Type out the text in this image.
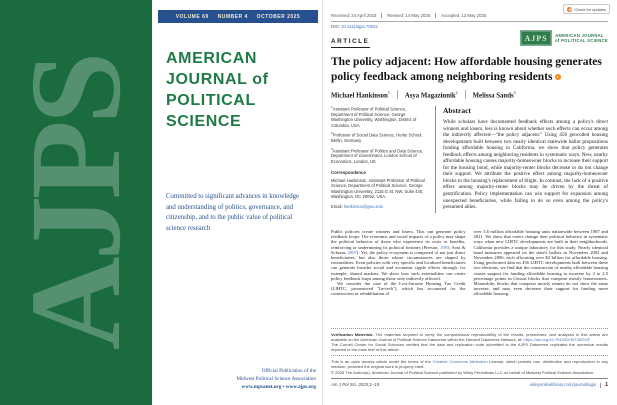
AJPS
VOLUME 69 NUMBER 4 OCTOBER 2025
AMERICAN
JOURNAL of
POLITICAL
SCIENCE
Committed to significant advances in knowledge and understanding of politics, governance, and citizenship, and to the public value of political science research
Official Publication of the
Midwest Political Science Association
www.mpsanet.org • www.ajps.org
Check for updates
Received: 24 April 2023	Revised: 14 May 2025	Accepted: 13 May 2025
DOI: 10.1111/ajps.70022
ARTICLE	AJPS	AMERICAN JOURNAL
of POLITICAL SCIENCE
The policy adjacent: How affordable housing generates policy feedback among neighboring residents
Michael Hankinson$^1$	Asya Magazinnik$^2$	Melissa Sands$^3$

$^1$Assistant Professor of Political Science, Department of Political Science, George Washington University, Washington, District of Columbia, USA

$^2$Professor of Social Data Science, Hertie School, Berlin, Germany

$^3$Assistant Professor of Politics and Data Science, Department of Government, London School of Economics, London, UK

Correspondence

Michael Hankinson, Assistant Professor of Political Science, Department of Political Science, George Washington University, 2115 G St. NW, Suite 440, Washington, DC 20052, USA.

Email: hankinson@gwu.edu

Abstract
While scholars have documented feedback effects among a policy's direct winners and losers, less is known about whether such effects can occur among the indirectly affected—"the policy adjacent." Using 456 geocoded housing developments built between two nearly identical statewide ballot propositions funding affordable housing in California, we show that policy generates feedback effects among neighboring residents in systematic ways. New, nearby affordable housing causes majority-homeowner blocks to increase their support for the housing bond, while majority-renter blocks decrease or do not change their support. We attribute the positive effect among majority-homeowner blocks to the housing's replacement of blight. In contrast, the lack of a positive effect among majority-renter blocks may be driven by the threat of gentrification. Policy implementation can win support for expansion among unexpected beneficiaries, while failing to do so even among the policy's presumed allies.

Public policies create winners and losers. This can generate policy feedback loops: The economic and social impacts of a policy may shape the political behavior of those who experience its costs or benefits, reinforcing or undermining its political fortunes (Pierson, 1993; Soss & Schram, 2007). Yet, the policy ecosystem is composed of not just direct beneficiaries, but also those whose circumstances are shaped by externalities. Even policies with very specific and localized beneficiaries can generate broader social and economic ripple effects through, for example, shared markets. We show how such externalities can create policy feedback loops among those only indirectly affected.

We consider the case of the Low-Income Housing Tax Credit (LIHTC, pronounced "lie-tech"), which has accounted for the construction or rehabilitation of

over 3.6 million affordable housing units nationwide between 1987 and 2021. We show that voters change their political behavior in systematic ways when new LIHTC developments are built in their neighborhoods. California provides a unique laboratory for this study. Nearly identical bond measures appeared on the state's ballots in November 2002 and November 2006, each allocating over $2 billion for affordable housing. Using geolocated data on 456 LIHTC developments built between these two elections, we find that the construction of nearby affordable housing causes support for funding affordable housing to increase by 2 to 2.5 percentage points in Census blocks that comprise mostly homeowners. Meanwhile, blocks that comprise mostly renters do not show the same increase, and may even decrease their support for funding more affordable housing.

Verification Materials: The materials required to verify the computational reproducibility of the results, procedures, and analyses in this article are available on the American Journal of Political Science Dataverse within the Harvard Dataverse Network, at: https://doi.org/10.7910/DVN/T4ESOF

The Cornell Center for Social Sciences verified that the data and replication code submitted to the AJPS Dataverse replicates the numerical results reported in the main text of this article.

This is an open access article under the terms of the Creative Commons Attribution License, which permits use, distribution and reproduction in any medium, provided the original work is properly cited.

© 2025 The Author(s). American Journal of Political Science published by Wiley Periodicals LLC on behalf of Midwest Political Science Association.

Am J Pol Sci. 2025;1–19.	wileyonlinelibrary.com/journal/ajps 1
